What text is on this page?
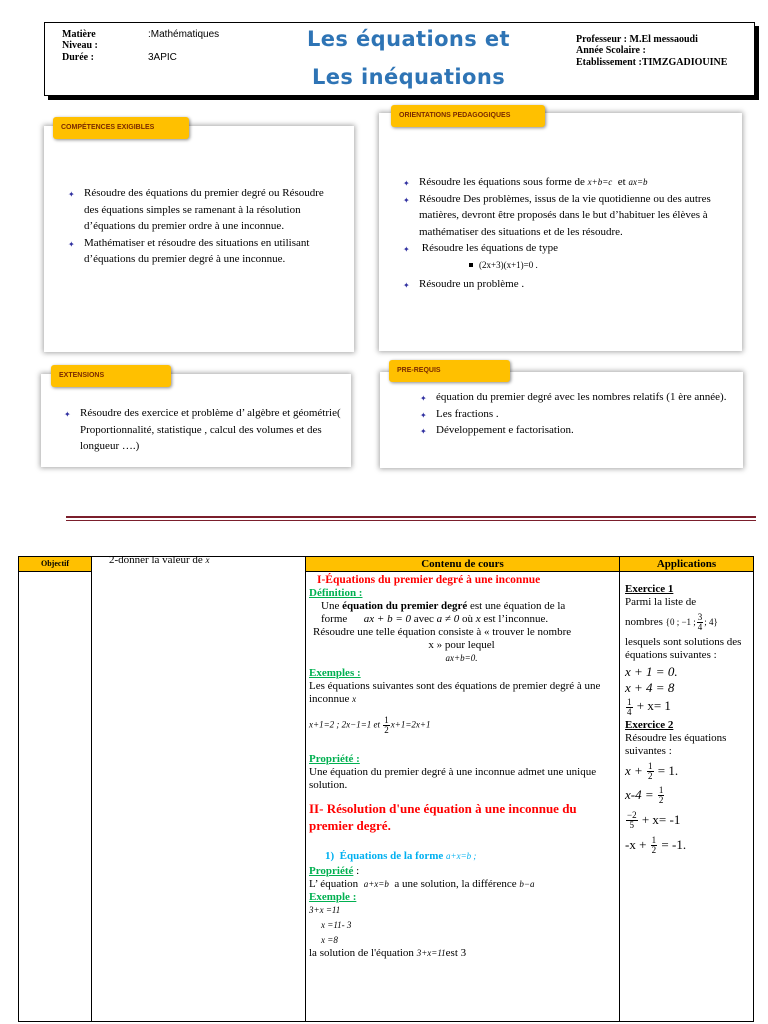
Matière
Niveau :
Durée :
:Mathématiques
3APIC
Les équations et
Les inéquations
Professeur : M.El messaoudi
Année Scolaire :
Etablissement :TIMZGADIOUINE
COMPÉTENCES EXIGIBLES
✦ Résoudre des équations du premier degré ou Résoudre des équations simples se ramenant à la résolution d’équations du premier ordre à une inconnue.
✦ Mathématiser et résoudre des situations en utilisant d’équations du premier degré à une inconnue.
ORIENTATIONS PEDAGOGIQUES
✦ Résoudre les équations sous forme de x+b=c et ax=b
✦ Résoudre Des problèmes, issus de la vie quotidienne ou des autres matières, devront être proposés dans le but d’habituer les élèves à mathématiser des situations et de les résoudre.
✦ Résoudre les équations de type
(2x+3)(x+1)=0 .
✦ Résoudre un problème .
EXTENSIONS
✦ Résoudre des exercice et problème d’ algèbre et géométrie( Proportionnalité, statistique , calcul des volumes et des longueur ….)
PRE-REQUIS
✦ équation du premier degré avec les nombres relatifs (1 ère année).
✦ Les fractions .
✦ Développement e factorisation.
Objectif	Contenu de cours	Applications
2-donner la valeur de x
I-Équations du premier degré à une inconnue
Définition :
Une équation du premier degré est une équation de la
forme ax + b = 0 avec a ≠ 0 où x est l’inconnue.
Résoudre une telle équation consiste à « trouver le nombre
x » pour lequel
ax+b=0.
Exemples :
Les équations suivantes sont des équations de premier degré à une inconnue x
x+1=2 ; 2x−1=1 et $\frac{1}{2} x+1=2x+1$
Propriété :
Une équation du premier degré à une inconnue admet une unique solution.
II- Résolution d'une équation à une inconnue du premier degré.
1) Équations de la forme a+x=b ;
Propriété :
L’ équation a+x=b a une solution, la différence b−a
Exemple :
3+x =11
x =11- 3
x =8
la solution de l'équation 3+x=11est 3
Exercice 1
Parmi la liste de
nombres {0 ; −1 ; $\frac{3}{4}$ ; 4}
lesquels sont solutions des équations suivantes :
x + 1 = 0.
x + 4 = 8
$\frac{1}{4} + x= 1$
Exercice 2
Résoudre les équations suivantes :
$x + \frac{1}{2} = 1$.
$x-4 = \frac{1}{2}$
$\frac{-2}{5} + x= -1$
$-x + \frac{1}{2} = -1$.
